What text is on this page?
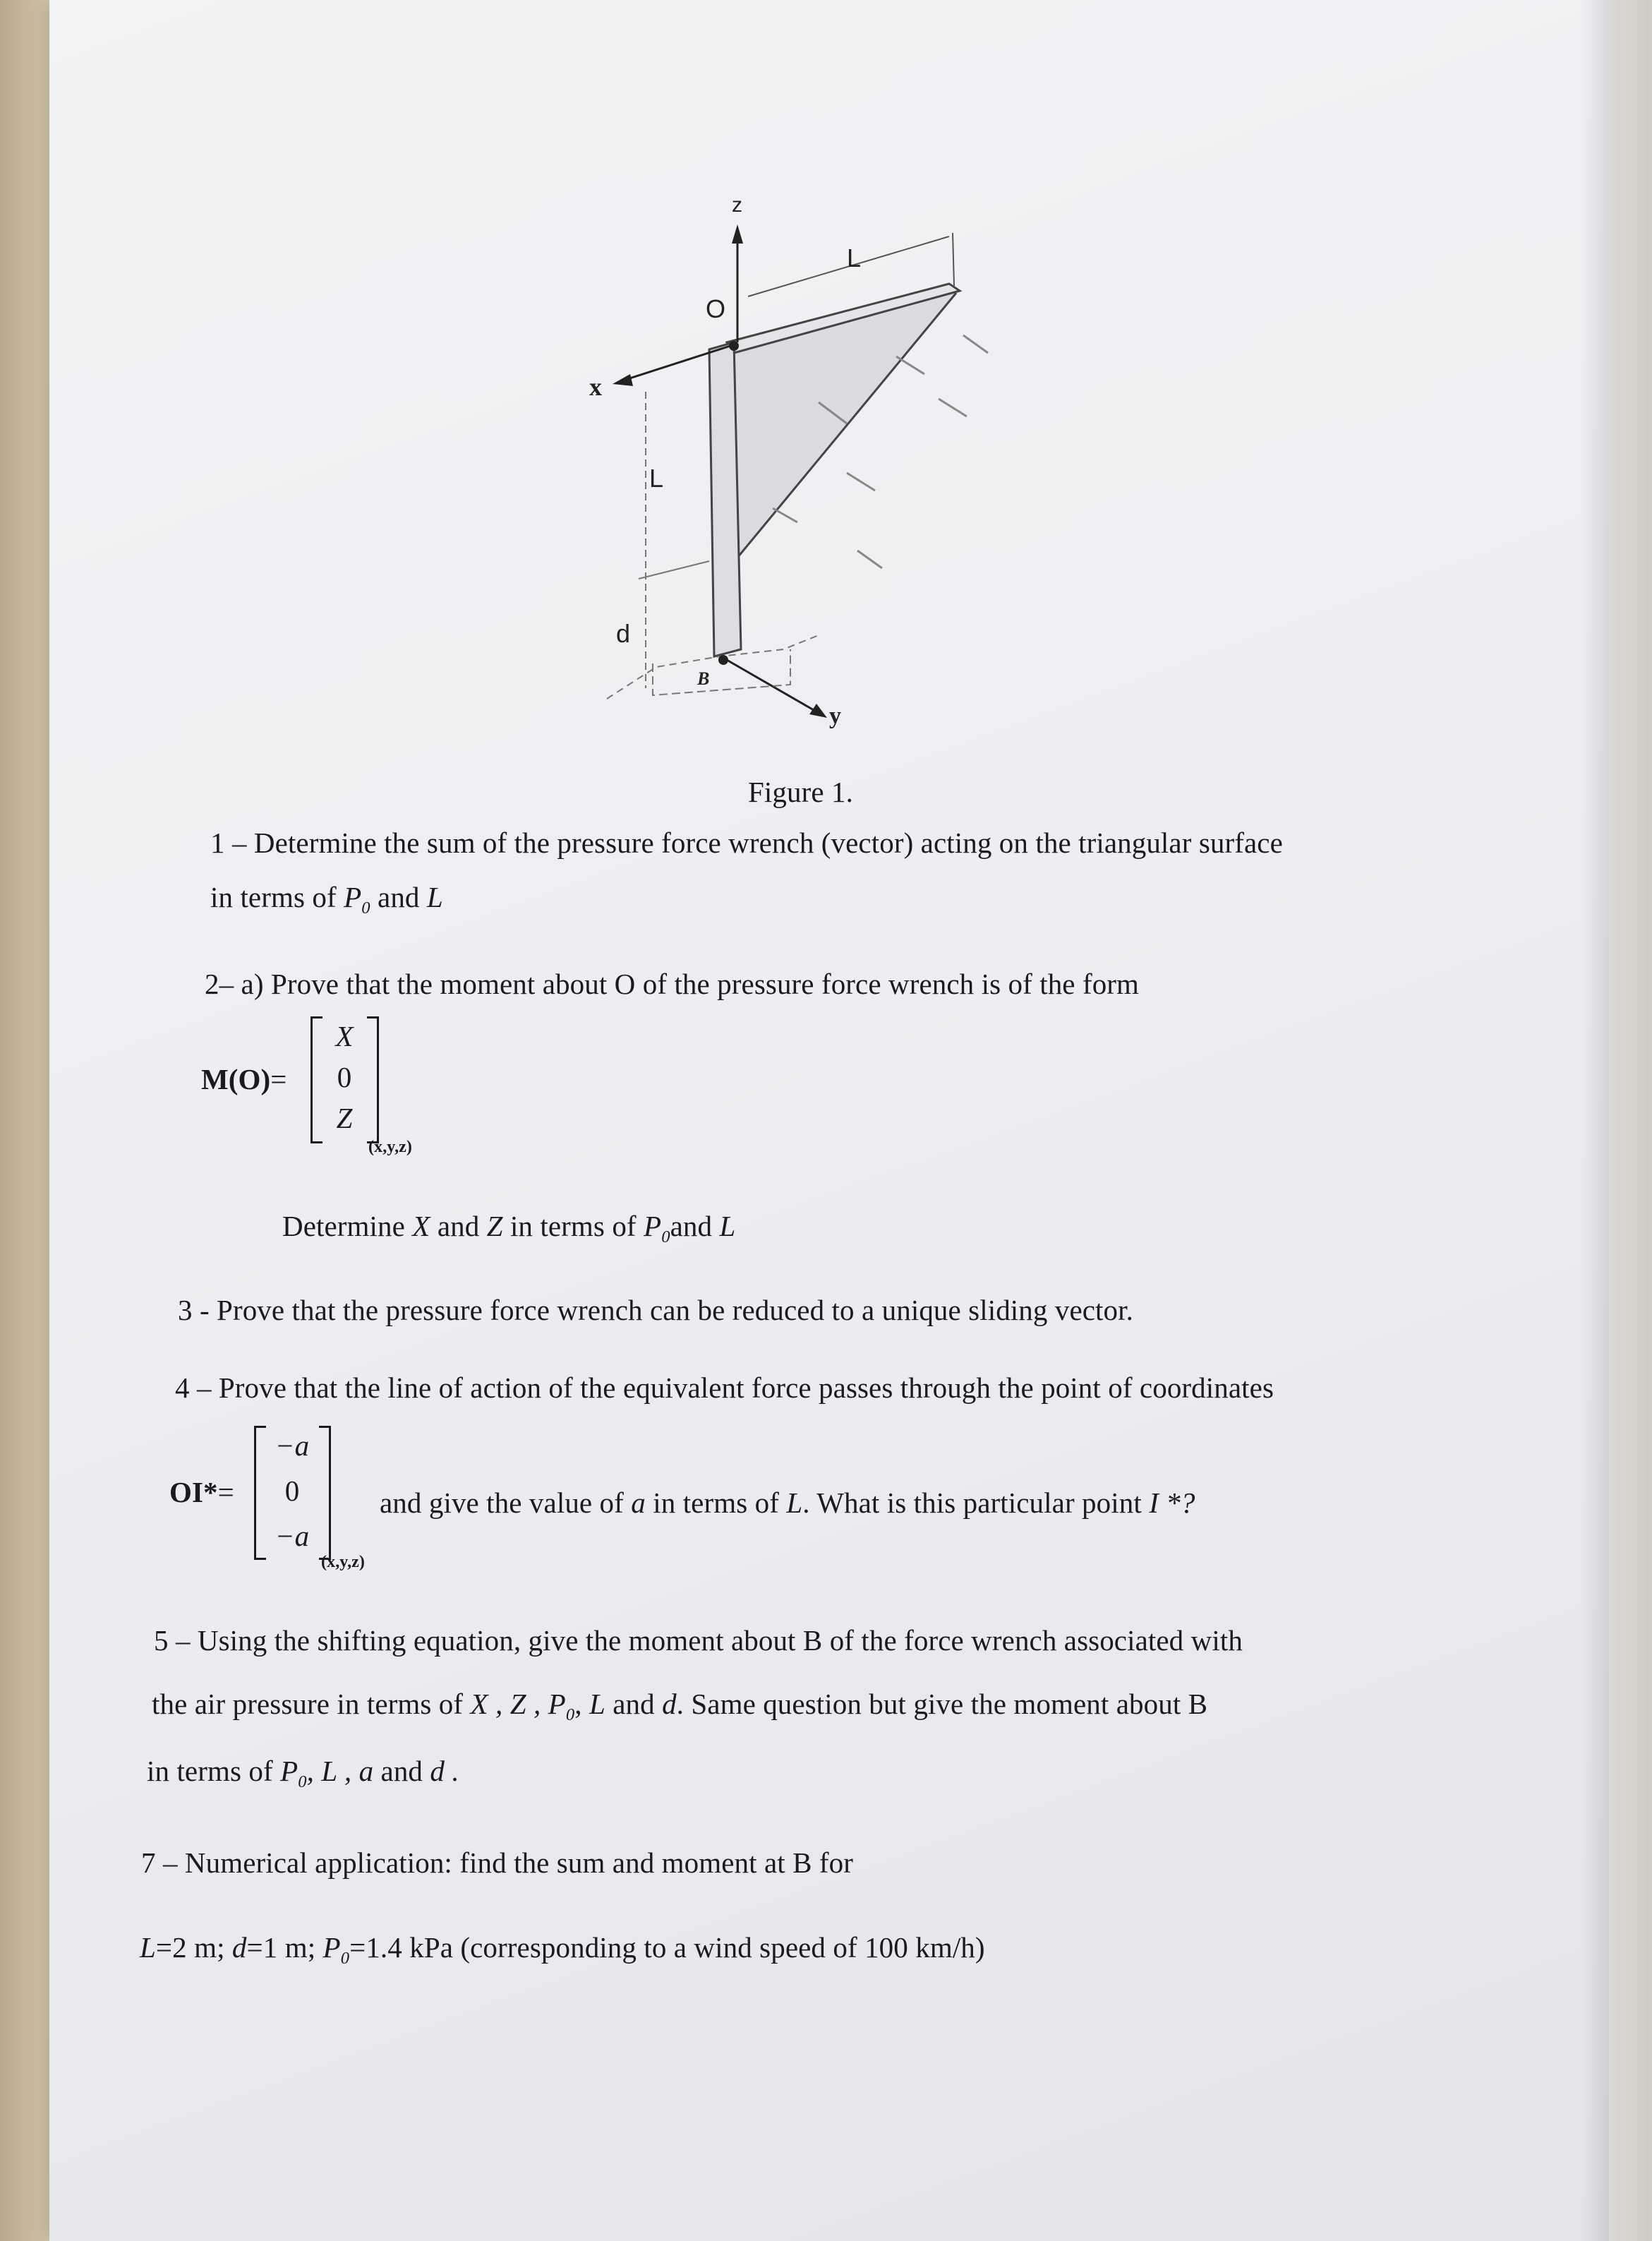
z
x
y
O
B
L
L
d

Figure 1.

1 – Determine the sum of the pressure force wrench (vector) acting on the triangular surface

in terms of $P_0$ and L

2– a) Prove that the moment about O of the pressure force wrench is of the form

M(O)=

X
0
Z
(x,y,z)

Determine X and Z in terms of $P_0and$ L

3 - Prove that the pressure force wrench can be reduced to a unique sliding vector.

4 – Prove that the line of action of the equivalent force passes through the point of coordinates

OI*=

−a
0
−a
(x,y,z)

and give the value of a in terms of L. What is this particular point I *?

5 – Using the shifting equation, give the moment about B of the force wrench associated with

the air pressure in terms of X , Z , $P_0$, L and d. Same question but give the moment about B

in terms of $P_0$, L , a and d .

7 – Numerical application: find the sum and moment at B for

L=2 m; d=1 m; $P_0=1.4$ kPa (corresponding to a wind speed of 100 km/h)
